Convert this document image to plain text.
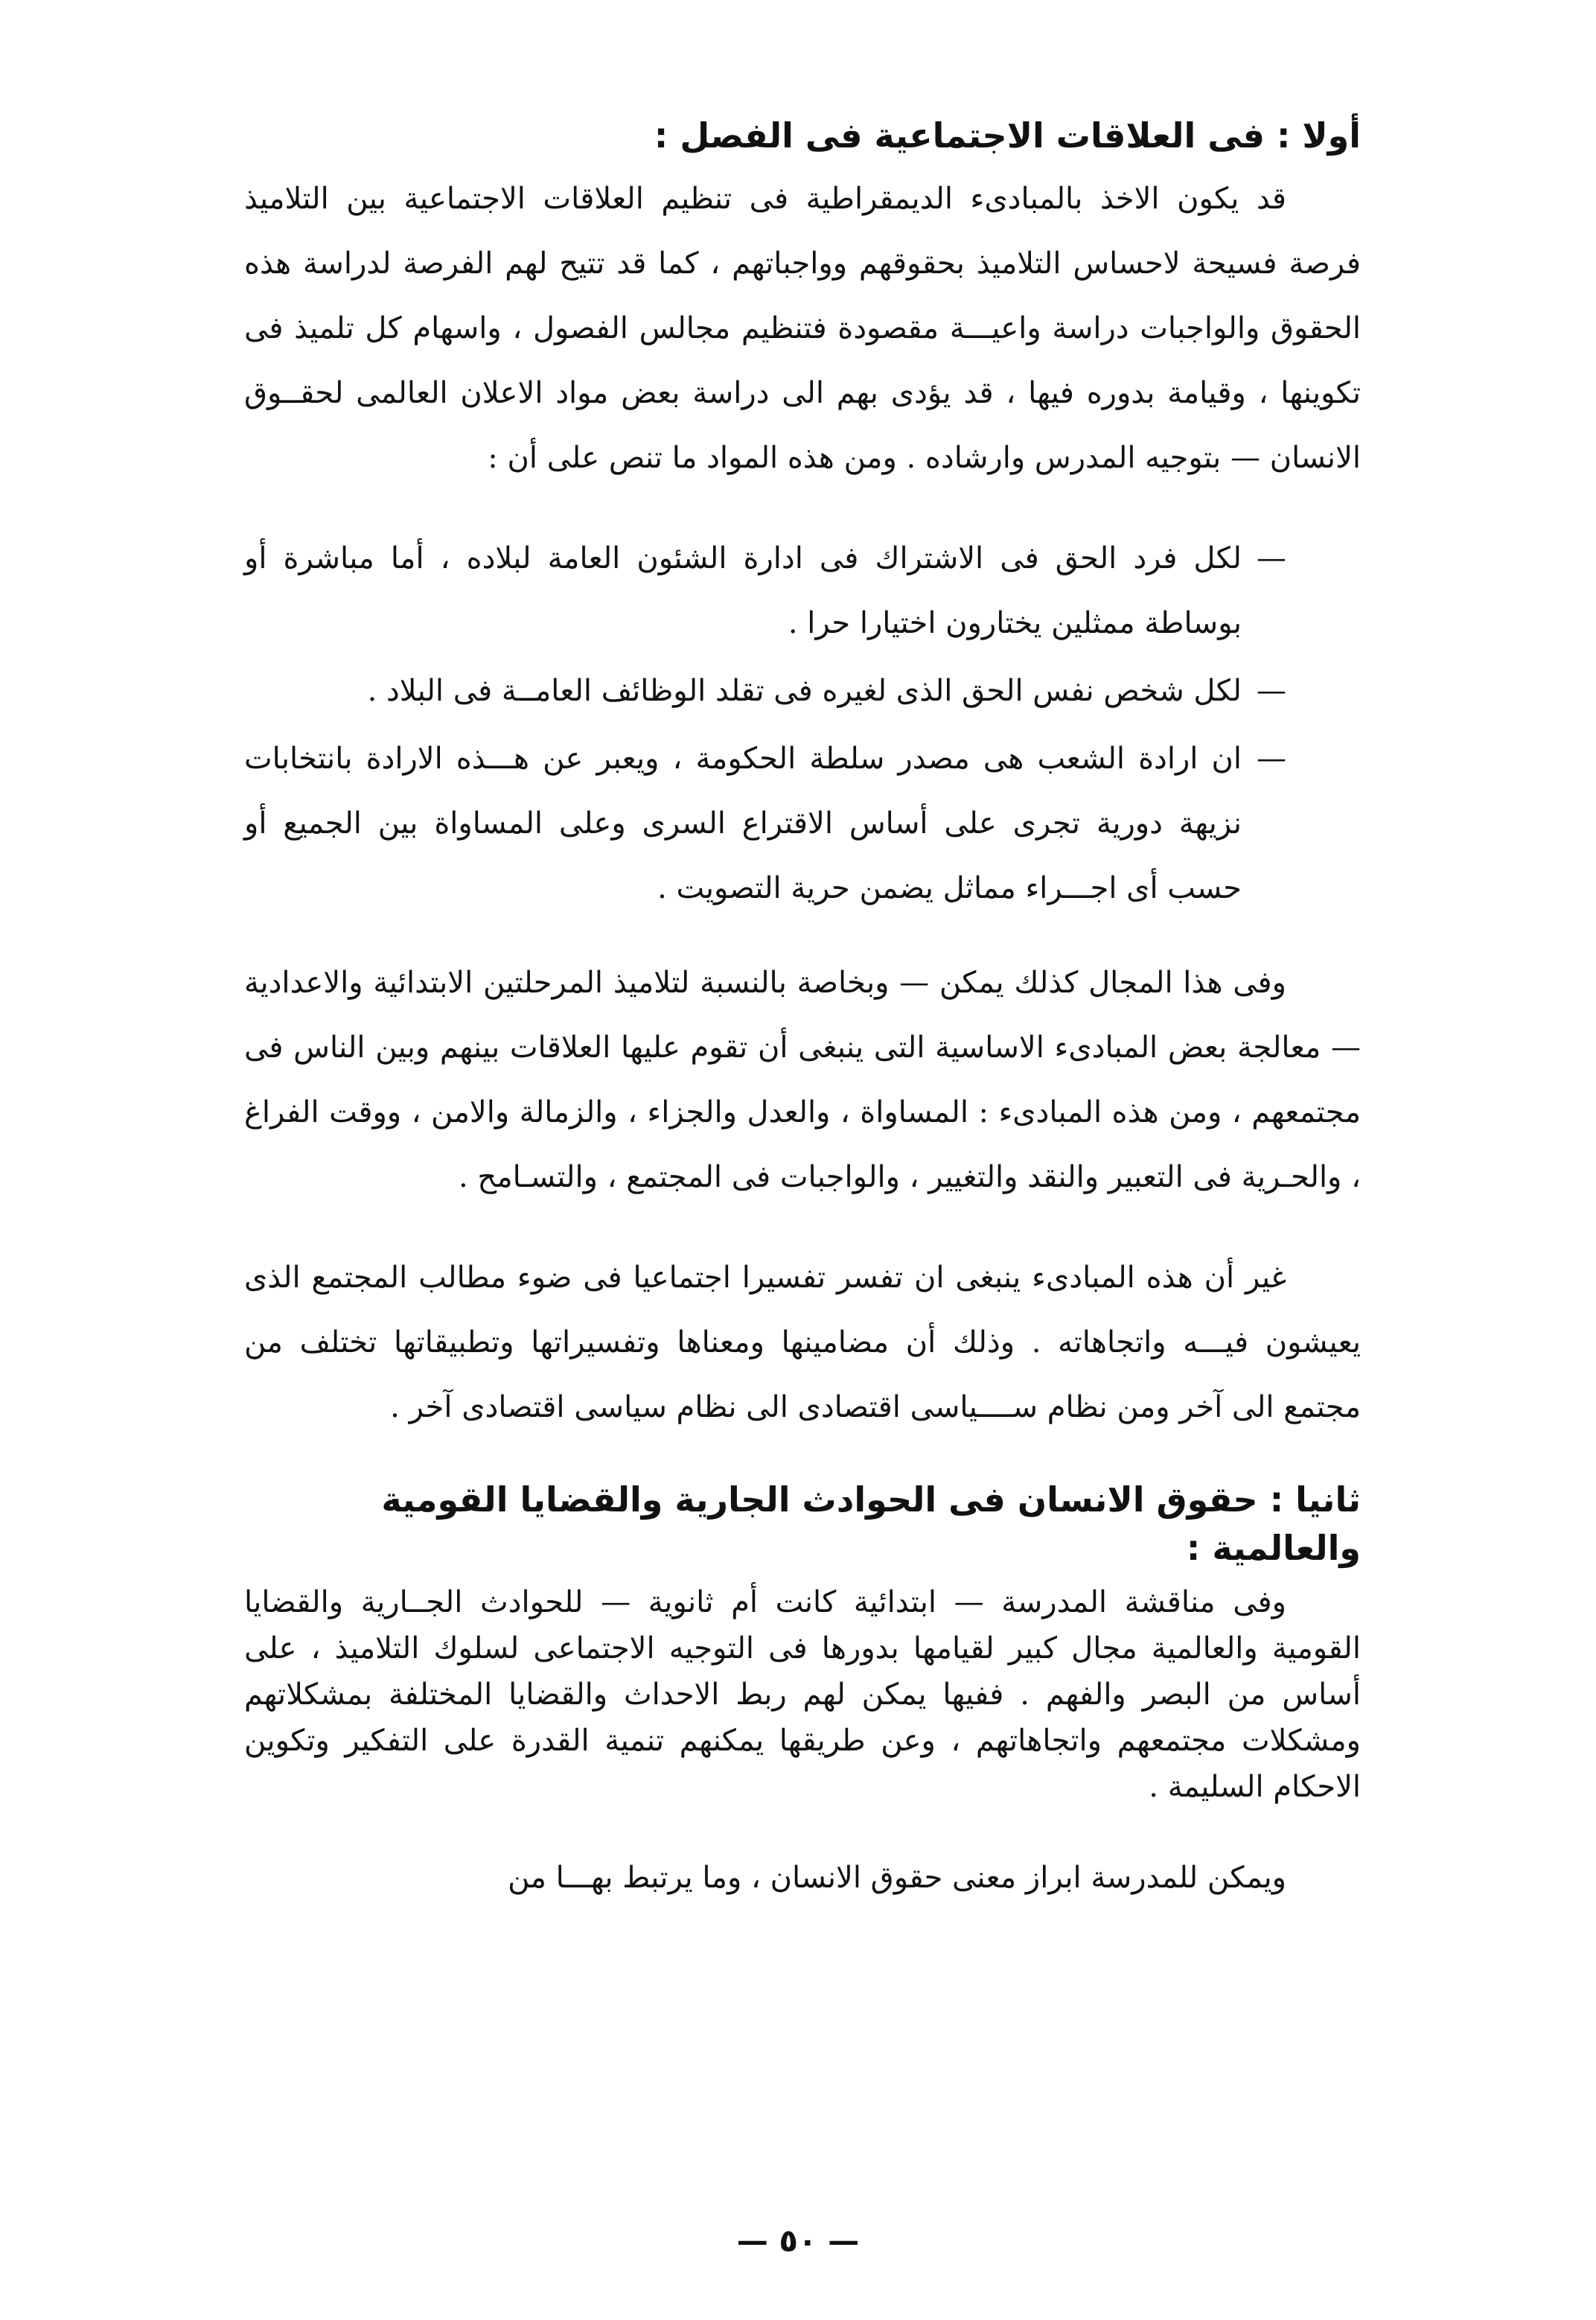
أولا : فى العلاقات الاجتماعية فى الفصل :

قد يكون الاخذ بالمبادىء الديمقراطية فى تنظيم العلاقات الاجتماعية بين التلاميذ فرصة فسيحة لاحساس التلاميذ بحقوقهم وواجباتهم ، كما قد تتيح لهم الفرصة لدراسة هذه الحقوق والواجبات دراسة واعيـــة مقصودة فتنظيم مجالس الفصول ، واسهام كل تلميذ فى تكوينها ، وقيامة بدوره فيها ، قد يؤدى بهم الى دراسة بعض مواد الاعلان العالمى لحقــوق الانسان — بتوجيه المدرس وارشاده . ومن هذه المواد ما تنص على أن :

—
لكل فرد الحق فى الاشتراك فى ادارة الشئون العامة لبلاده ، أما مباشرة أو بوساطة ممثلين يختارون اختيارا حرا .
—
لكل شخص نفس الحق الذى لغيره فى تقلد الوظائف العامــة فى البلاد .
—
ان ارادة الشعب هى مصدر سلطة الحكومة ، ويعبر عن هـــذه الارادة بانتخابات نزيهة دورية تجرى على أساس الاقتراع السرى وعلى المساواة بين الجميع أو حسب أى اجـــراء مماثل يضمن حرية التصويت .

وفى هذا المجال كذلك يمكن — وبخاصة بالنسبة لتلاميذ المرحلتين الابتدائية والاعدادية — معالجة بعض المبادىء الاساسية التى ينبغى أن تقوم عليها العلاقات بينهم وبين الناس فى مجتمعهم ، ومن هذه المبادىء : المساواة ، والعدل والجزاء ، والزمالة والامن ، ووقت الفراغ ، والحـرية فى التعبير والنقد والتغيير ، والواجبات فى المجتمع ، والتسـامح .

غير أن هذه المبادىء ينبغى ان تفسر تفسيرا اجتماعيا فى ضوء مطالب المجتمع الذى يعيشون فيـــه واتجاهاته . وذلك أن مضامينها ومعناها وتفسيراتها وتطبيقاتها تختلف من مجتمع الى آخر ومن نظام ســــياسى اقتصادى الى نظام سياسى اقتصادى آخر .

ثانيا : حقوق الانسان فى الحوادث الجارية والقضايا القومية والعالمية :

وفى مناقشة المدرسة — ابتدائية كانت أم ثانوية — للحوادث الجــارية والقضايا القومية والعالمية مجال كبير لقيامها بدورها فى التوجيه الاجتماعى لسلوك التلاميذ ، على أساس من البصر والفهم . ففيها يمكن لهم ربط الاحداث والقضايا المختلفة بمشكلاتهم ومشكلات مجتمعهم واتجاهاتهم ، وعن طريقها يمكنهم تنمية القدرة على التفكير وتكوين الاحكام السليمة .

ويمكن للمدرسة ابراز معنى حقوق الانسان ، وما يرتبط بهـــا من

— ٥٠ —
